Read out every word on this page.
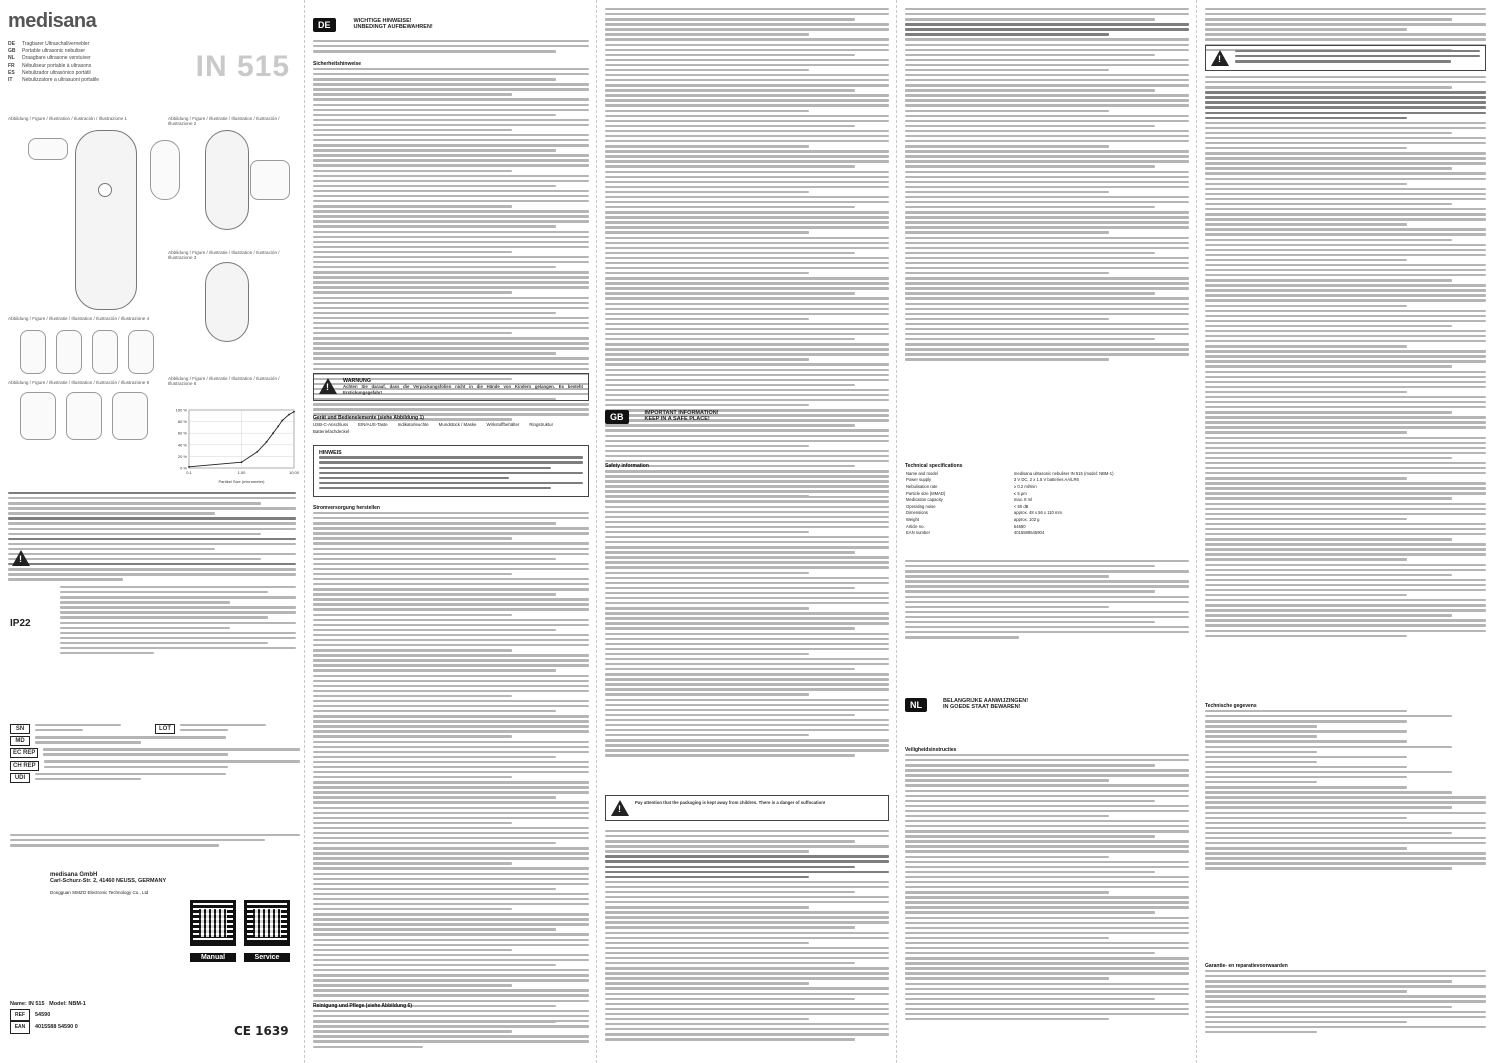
medisana
IN 515
DE Tragbarer Ultraschallvernebler
GB Portable ultrasonic nebuliser
NL Draagbare ultrasone verstuiver
FR Nébuliseur portable à ultrasons
ES Nebulizador ultrasónico portátil
IT Nebulizzatore a ultrasuoni portatile
Abbildung / Figure / Illustration / Ilustración / Illustrazione 1	Abbildung / Figure / Illustratie / Illustration / Ilustración / Illustrazione 2
Abbildung / Figure / Illustratie / Illustration / Ilustración / Illustrazione 3
Abbildung / Figure / Illustratie / Illustration / Ilustración / Illustrazione 4
Abbildung / Figure / Illustratie / Illustration / Ilustración / Illustrazione 5
Abbildung / Figure / Illustratie / Illustration / Ilustración / Illustrazione 6
100 %
80 %
60 %
40 %
20 %
0 %
0.1	1.00	10.00
Partikel Size (micrometer)
!
IP22
SN	LOT
MD
EC REP
CH REP
UDI
medisana GmbH
Carl-Schurz-Str. 2, 41460 NEUSS, GERMANY
Dongguan SIMZO Electronic Technology Co., Ltd
Manual	Service
Name: IN 515 Model: NBM-1
REF 54590
EAN 4015588 54590 0	CE 1639
DE	WICHTIGE HINWEISE!
UNBEDINGT AUFBEWAHREN!
Sicherheitshinweise
!
WARNUNG
Achten Sie darauf, dass die Verpackungsfolien nicht in die Hände von Kindern gelangen. Es besteht Erstickungsgefahr!
Gerät und Bedienelemente (siehe Abbildung 1)
USB-C-Anschluss EIN/AUS-Taste Indikatorleuchte Mundstück / Maske Wirkstoffbehälter Ringstruktur
Batteriefachdeckel
HINWEIS
Stromversorgung herstellen
Reinigung und Pflege (siehe Abbildung 6)
GB	IMPORTANT INFORMATION!
KEEP IN A SAFE PLACE!
Safety information
!
Pay attention that the packaging is kept away from children. There is a danger of suffocation!
Technical specifications
Name and model	medisana ultrasonic nebuliser IN 515 (model: NBM-1)
Power supply	3 V DC, 2 x 1.5 V batteries AA/LR6
Nebulisation rate	≥ 0.2 ml/min
Particle size (MMAD)	≤ 5 µm
Medication capacity	max. 8 ml
Operating noise	< 50 dB
Dimensions	approx. 48 x 56 x 110 mm
Weight	approx. 102 g
Article no.	54590
EAN number	4015588545904
NL	BELANGRIJKE AANWIJZINGEN!
IN GOEDE STAAT BEWAREN!
Veiligheidsinstructies
!
Technische gegevens
Garantie- en reparatievoorwaarden
